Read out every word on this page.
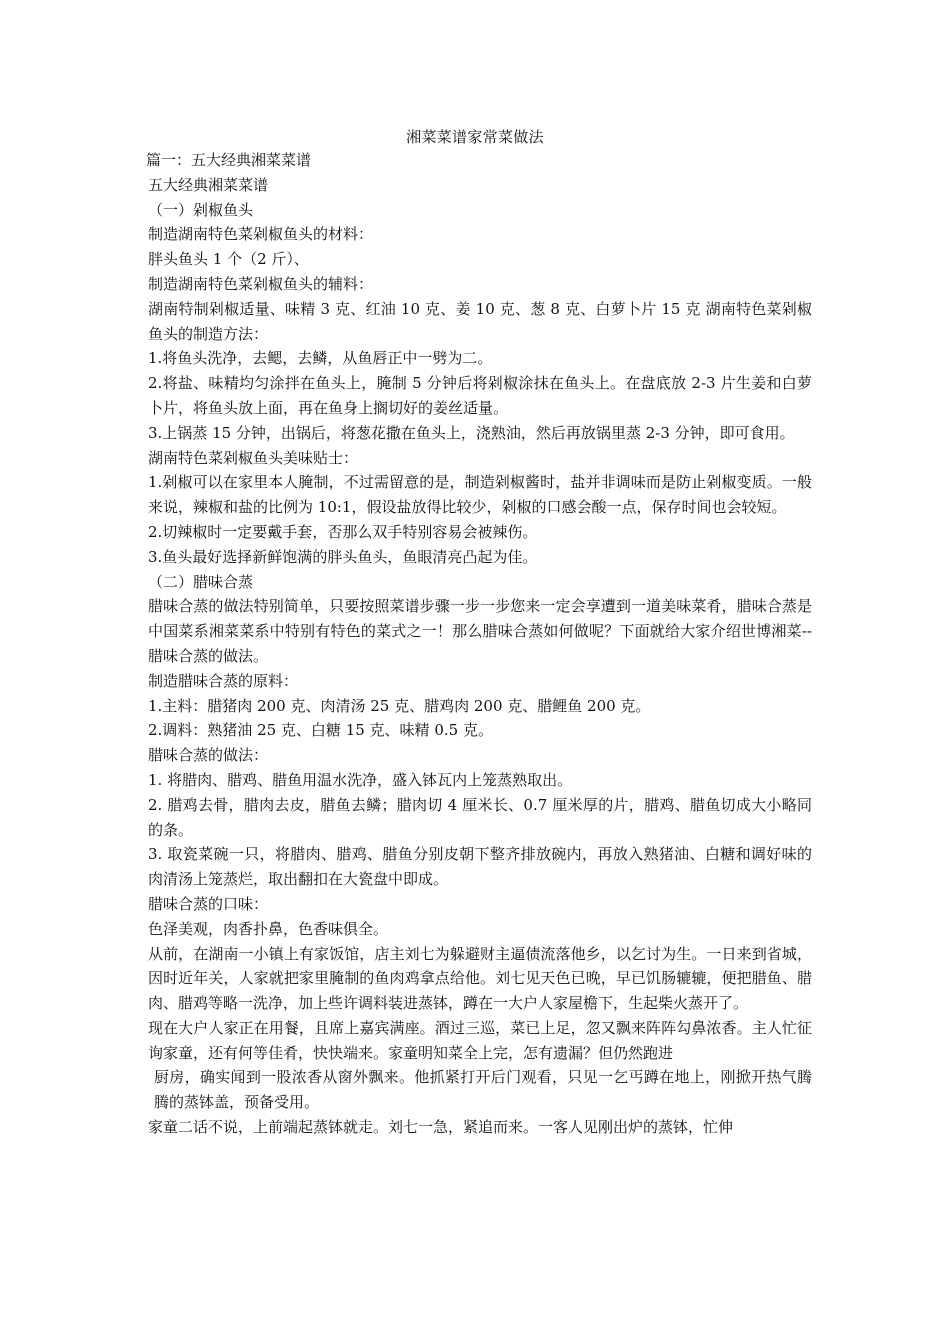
湘菜菜谱家常菜做法

篇一：五大经典湘菜菜谱

五大经典湘菜菜谱

（一）剁椒鱼头

制造湖南特色菜剁椒鱼头的材料：

胖头鱼头 1 个（2 斤）、

制造湖南特色菜剁椒鱼头的辅料：

湖南特制剁椒适量、味精 3 克、红油 10 克、姜 10 克、葱 8 克、白萝卜片 15 克 湖南特色菜剁椒鱼头的制造方法：

1.将鱼头洗净，去鳃，去鳞，从鱼唇正中一劈为二。

2.将盐、味精均匀涂拌在鱼头上，腌制 5 分钟后将剁椒涂抹在鱼头上。在盘底放 2-3 片生姜和白萝卜片，将鱼头放上面，再在鱼身上搁切好的姜丝适量。

3.上锅蒸 15 分钟，出锅后，将葱花撒在鱼头上，浇熟油，然后再放锅里蒸 2-3 分钟，即可食用。

湖南特色菜剁椒鱼头美味贴士：

1.剁椒可以在家里本人腌制，不过需留意的是，制造剁椒酱时，盐并非调味而是防止剁椒变质。一般来说，辣椒和盐的比例为 10:1，假设盐放得比较少，剁椒的口感会酸一点，保存时间也会较短。

2.切辣椒时一定要戴手套，否那么双手特别容易会被辣伤。

3.鱼头最好选择新鲜饱满的胖头鱼头，鱼眼清亮凸起为佳。

（二）腊味合蒸

腊味合蒸的做法特别简单，只要按照菜谱步骤一步一步您来一定会享遭到一道美味菜肴，腊味合蒸是中国菜系湘菜菜系中特别有特色的菜式之一！那么腊味合蒸如何做呢？下面就给大家介绍世博湘菜--腊味合蒸的做法。

制造腊味合蒸的原料：

1.主料：腊猪肉 200 克、肉清汤 25 克、腊鸡肉 200 克、腊鲤鱼 200 克。

2.调料：熟猪油 25 克、白糖 15 克、味精 0.5 克。

腊味合蒸的做法：

1. 将腊肉、腊鸡、腊鱼用温水洗净，盛入钵瓦内上笼蒸熟取出。

2. 腊鸡去骨，腊肉去皮，腊鱼去鳞；腊肉切 4 厘米长、0.7 厘米厚的片，腊鸡、腊鱼切成大小略同的条。

3. 取瓷菜碗一只，将腊肉、腊鸡、腊鱼分别皮朝下整齐排放碗内，再放入熟猪油、白糖和调好味的肉清汤上笼蒸烂，取出翻扣在大瓷盘中即成。

腊味合蒸的口味：

色泽美观，肉香扑鼻，色香味俱全。

从前，在湖南一小镇上有家饭馆，店主刘七为躲避财主逼债流落他乡，以乞讨为生。一日来到省城，因时近年关，人家就把家里腌制的鱼肉鸡拿点给他。刘七见天色已晚，早已饥肠辘辘，便把腊鱼、腊肉、腊鸡等略一洗净，加上些许调料装进蒸钵，蹲在一大户人家屋檐下，生起柴火蒸开了。

现在大户人家正在用餐，且席上嘉宾满座。酒过三巡，菜已上足，忽又飘来阵阵勾鼻浓香。主人忙征询家童，还有何等佳肴，快快端来。家童明知菜全上完，怎有遗漏？但仍然跑进

厨房，确实闻到一股浓香从窗外飘来。他抓紧打开后门观看，只见一乞丐蹲在地上，刚掀开热气腾腾的蒸钵盖，预备受用。

家童二话不说，上前端起蒸钵就走。刘七一急，紧追而来。一客人见刚出炉的蒸钵，忙伸
